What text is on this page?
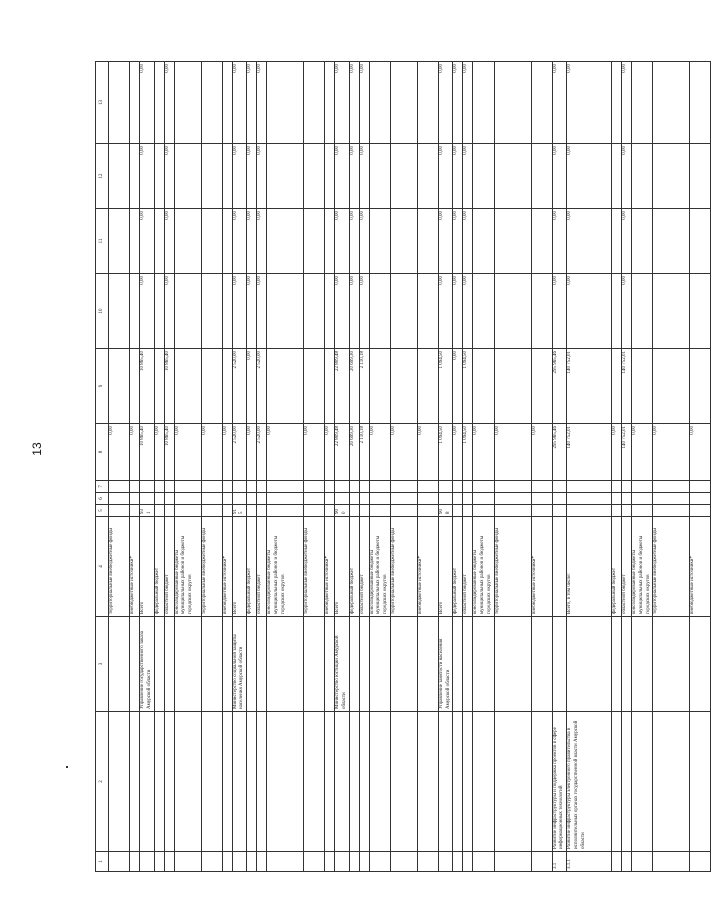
13
1	2	3	4	5	6	7	8	9	10	11	12	13
			территориальные внебюджетные фонды				0,00					
			внебюджетные источники*				0,00					
		Управление государственного заказа Амурской области	Всего	931			10 865,40	10 865,40	0,00	0,00	0,00	0,00
			федеральный бюджет				0,00					
			областной бюджет				10 865,40	10 865,40	0,00	0,00	0,00	0,00
			консолидированные бюджеты муниципальных районов и бюджеты городских округов				0,00					
			территориальные внебюджетные фонды				0,00					
			внебюджетные источники*				0,00					
		Министерство социальной защиты населения Амурской области	Всего	915			2 520,00	2 520,00	0,00	0,00	0,00	0,00
			федеральный бюджет				0,00	0,00	0,00	0,00	0,00	0,00
			областной бюджет				2 520,00	2 520,00	0,00	0,00	0,00	0,00
			консолидированные бюджеты муниципальных районов и бюджеты городских округов				0,00					
			территориальные внебюджетные фонды				0,00					
			внебюджетные источники*				0,00					
		Министерство юстиции Амурской области	Всего	900			22 809,48	22 809,48	0,00	0,00	0,00	0,00
			федеральный бюджет				20 699,30	20 699,30	0,00	0,00	0,00	0,00
			областной бюджет				2 110,18	2 110,18	0,00	0,00	0,00	0,00
			консолидированные бюджеты муниципальных районов и бюджеты городских округов				0,00					
			территориальные внебюджетные фонды				0,00					
			внебюджетные источники*				0,00					
		Управление занятости населения Амурской области	Всего	908			1 094,50	1 094,50	0,00	0,00	0,00	0,00
			федеральный бюджет				0,00	0,00	0,00	0,00	0,00	0,00
			областной бюджет				1 094,50	1 094,50	0,00	0,00	0,00	0,00
			консолидированные бюджеты муниципальных районов и бюджеты городских округов				0,00					
			территориальные внебюджетные фонды				0,00					
			внебюджетные источники*				0,00					
3.1	Развитие инфраструктуры и поддержка проектов в сфере информационных технологий						295 965,46	295 965,46	0,00	0,00	0,00	0,00
3.1.1	Развитие инфраструктуры электронного правительства в исполнительных органах государственной власти Амурской области		Всего, в том числе:				140 752,01	140 752,01	0,00	0,00	0,00	0,00
			федеральный бюджет				0,00					
			областной бюджет				140 752,01	140 752,01	0,00	0,00	0,00	0,00
			консолидированные бюджеты муниципальных районов и бюджеты городских округов				0,00					
			территориальные внебюджетные фонды				0,00					
			внебюджетные источники*				0,00					
